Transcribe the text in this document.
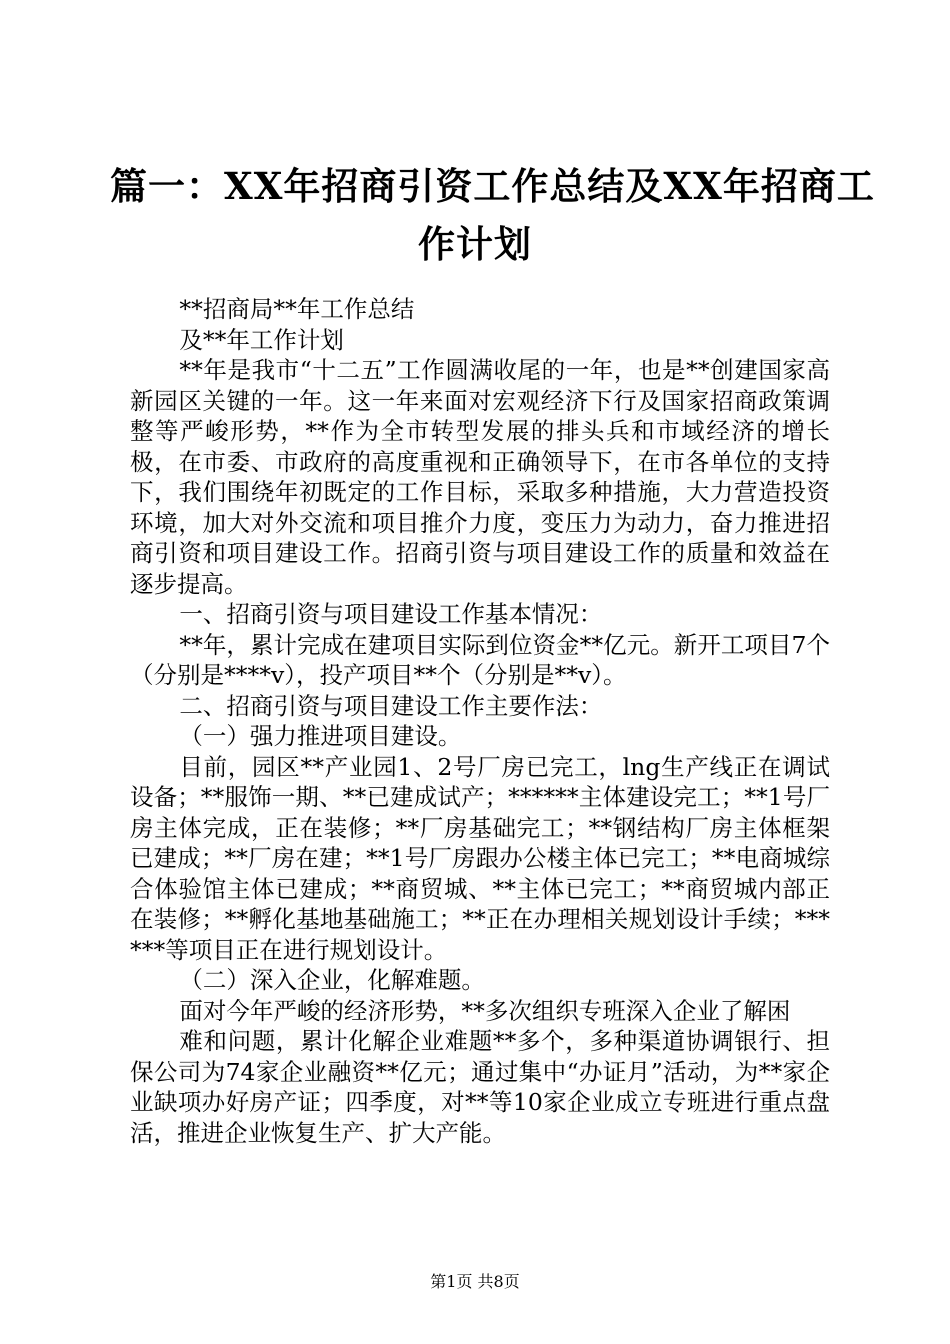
篇一：XX年招商引资工作总结及XX年招商工
作计划

**招商局**年工作总结

及**年工作计划

**年是我市“十二五”工作圆满收尾的一年，也是**创建国家高新园区关键的一年。这一年来面对宏观经济下行及国家招商政策调整等严峻形势，**作为全市转型发展的排头兵和市域经济的增长极，在市委、市政府的高度重视和正确领导下，在市各单位的支持下，我们围绕年初既定的工作目标，采取多种措施，大力营造投资环境，加大对外交流和项目推介力度，变压力为动力，奋力推进招商引资和项目建设工作。招商引资与项目建设工作的质量和效益在逐步提高。

一、招商引资与项目建设工作基本情况：

**年，累计完成在建项目实际到位资金**亿元。新开工项目7个（分别是****v），投产项目**个（分别是**v）。

二、招商引资与项目建设工作主要作法：

（一）强力推进项目建设。

目前，园区**产业园1、2号厂房已完工，lng生产线正在调试设备；**服饰一期、**已建成试产；******主体建设完工；**1号厂房主体完成，正在装修；**厂房基础完工；**钢结构厂房主体框架已建成；**厂房在建；**1号厂房跟办公楼主体已完工；**电商城综合体验馆主体已建成；**商贸城、**主体已完工；**商贸城内部正在装修；**孵化基地基础施工；**正在办理相关规划设计手续；******等项目正在进行规划设计。

（二）深入企业，化解难题。

面对今年严峻的经济形势，**多次组织专班深入企业了解困

难和问题，累计化解企业难题**多个，多种渠道协调银行、担保公司为74家企业融资**亿元；通过集中“办证月”活动，为**家企业缺项办好房产证；四季度，对**等10家企业成立专班进行重点盘活，推进企业恢复生产、扩大产能。

第1页 共8页
